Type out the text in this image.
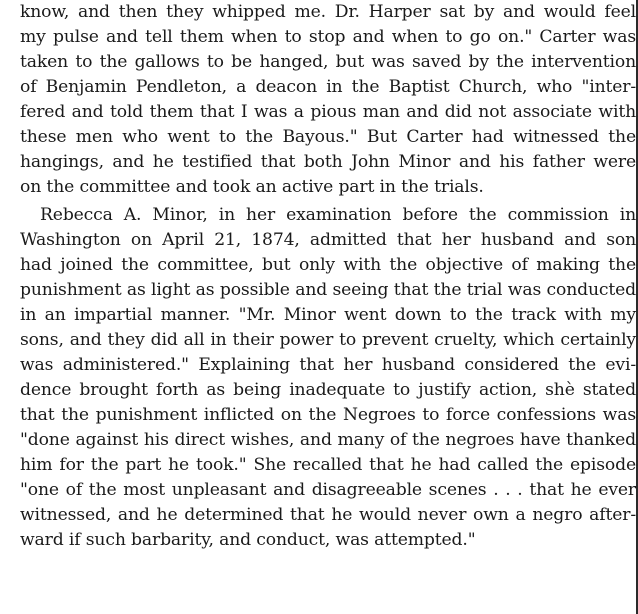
know, and then they whipped me. Dr. Harper sat by and would feel
my pulse and tell them when to stop and when to go on." Carter was
taken to the gallows to be hanged, but was saved by the intervention
of Benjamin Pendleton, a deacon in the Baptist Church, who "inter-
fered and told them that I was a pious man and did not associate with
these men who went to the Bayous." But Carter had witnessed the
hangings, and he testified that both John Minor and his father were
on the committee and took an active part in the trials.
Rebecca A. Minor, in her examination before the commission in
Washington on April 21, 1874, admitted that her husband and son
had joined the committee, but only with the objective of making the
punishment as light as possible and seeing that the trial was conducted
in an impartial manner. "Mr. Minor went down to the track with my
sons, and they did all in their power to prevent cruelty, which certainly
was administered." Explaining that her husband considered the evi-
dence brought forth as being inadequate to justify action, shè stated
that the punishment inflicted on the Negroes to force confessions was
"done against his direct wishes, and many of the negroes have thanked
him for the part he took." She recalled that he had called the episode
"one of the most unpleasant and disagreeable scenes . . . that he ever
witnessed, and he determined that he would never own a negro after-
ward if such barbarity, and conduct, was attempted."
